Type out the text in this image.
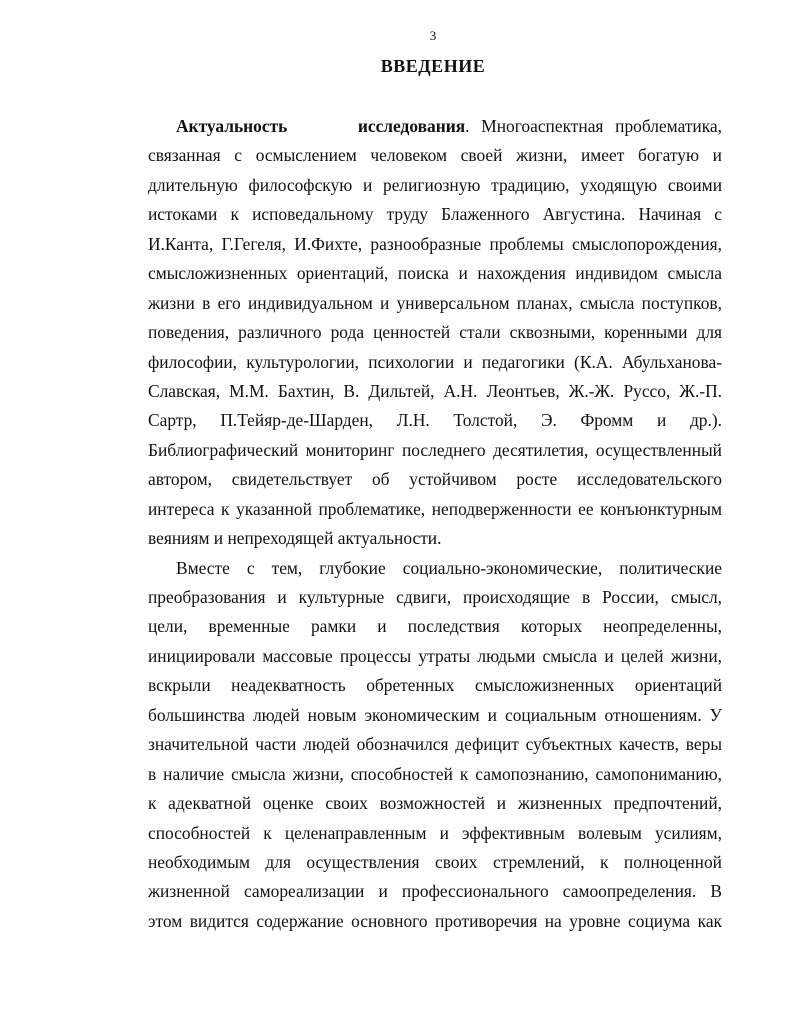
3
ВВЕДЕНИЕ
Актуальность	исследования. Многоаспектная проблематика,
связанная с осмыслением человеком своей жизни, имеет богатую и
длительную философскую и религиозную традицию, уходящую своими
истоками к исповедальному труду Блаженного Августина. Начиная с
И.Канта, Г.Гегеля, И.Фихте, разнообразные проблемы смыслопорождения,
смысложизненных ориентаций, поиска и нахождения индивидом смысла
жизни в его индивидуальном и универсальном планах, смысла поступков,
поведения, различного рода ценностей стали сквозными, коренными для
философии, культурологии, психологии и педагогики (К.А. Абульханова-
Славская, М.М. Бахтин, В. Дильтей, А.Н. Леонтьев, Ж.-Ж. Руссо, Ж.-П.
Сартр, П.Тейяр-де-Шарден, Л.Н. Толстой, Э. Фромм и др.).
Библиографический мониторинг последнего десятилетия, осуществленный
автором, свидетельствует об устойчивом росте исследовательского
интереса к указанной проблематике, неподверженности ее конъюнктурным
веяниям и непреходящей актуальности.
Вместе с тем, глубокие социально-экономические, политические
преобразования и культурные сдвиги, происходящие в России, смысл,
цели, временные рамки и последствия которых неопределенны,
инициировали массовые процессы утраты людьми смысла и целей жизни,
вскрыли неадекватность обретенных смысложизненных ориентаций
большинства людей новым экономическим и социальным отношениям. У
значительной части людей обозначился дефицит субъектных качеств, веры
в наличие смысла жизни, способностей к самопознанию, самопониманию,
к адекватной оценке своих возможностей и жизненных предпочтений,
способностей к целенаправленным и эффективным волевым усилиям,
необходимым для осуществления своих стремлений, к полноценной
жизненной самореализации и профессионального самоопределения. В
этом видится содержание основного противоречия на уровне социума как
